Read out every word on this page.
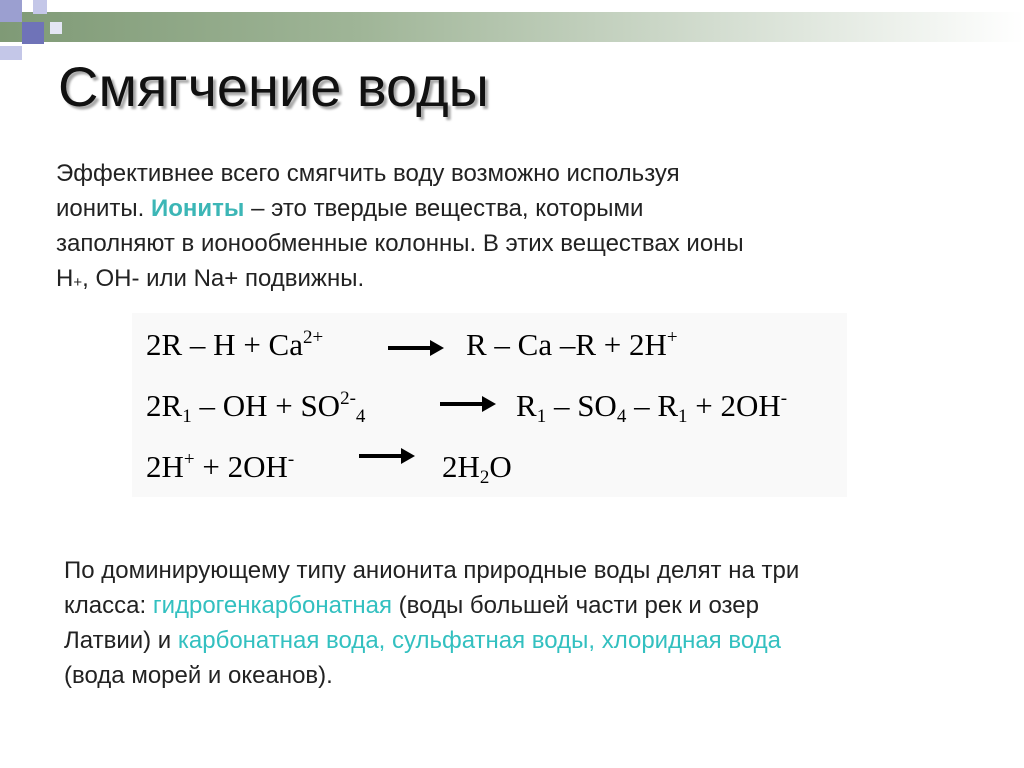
Смягчение воды
Эффективнее всего смягчить воду возможно используя
иониты. Иониты – это твердые вещества, которыми
заполняют в ионообменные колонны. В этих веществах ионы
$H_+$, OH- или Na+ подвижны.
$2R - H + Ca^{2+} \to R - Ca$ –R + 2H+
$2R_1$ – OH + $SO^{2-}_4 \to R_1 - SO_4 - R_1 + 2OH^-$
$2H^+ + 2OH^- \to 2H_2O$
По доминирующему типу анионита природные воды делят на три
класса: гидрогенкарбонатная (воды большей части рек и озер
Латвии) и карбонатная вода, сульфатная воды, хлоридная вода
(вода морей и океанов).
